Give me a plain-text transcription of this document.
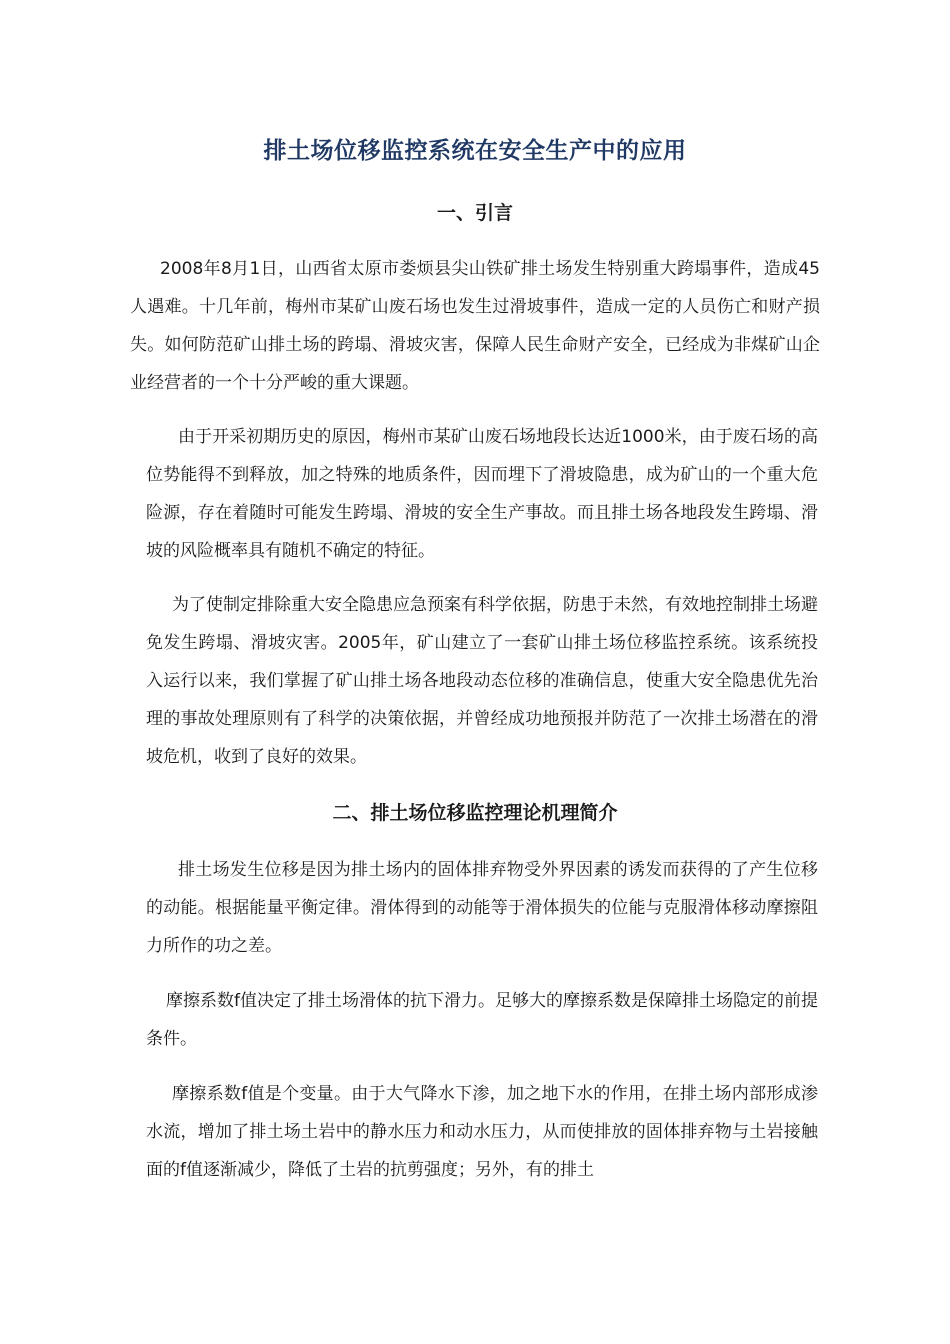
排土场位移监控系统在安全生产中的应用
一、引言

2008年8月1日，山西省太原市娄烦县尖山铁矿排土场发生特别重大跨塌事件，造成45人遇难。十几年前，梅州市某矿山废石场也发生过滑坡事件，造成一定的人员伤亡和财产损失。如何防范矿山排土场的跨塌、滑坡灾害，保障人民生命财产安全，已经成为非煤矿山企业经营者的一个十分严峻的重大课题。

由于开采初期历史的原因，梅州市某矿山废石场地段长达近1000米，由于废石场的高位势能得不到释放，加之特殊的地质条件，因而埋下了滑坡隐患，成为矿山的一个重大危险源，存在着随时可能发生跨塌、滑坡的安全生产事故。而且排土场各地段发生跨塌、滑坡的风险概率具有随机不确定的特征。

为了使制定排除重大安全隐患应急预案有科学依据，防患于未然，有效地控制排土场避免发生跨塌、滑坡灾害。2005年，矿山建立了一套矿山排土场位移监控系统。该系统投入运行以来，我们掌握了矿山排土场各地段动态位移的准确信息，使重大安全隐患优先治理的事故处理原则有了科学的决策依据，并曾经成功地预报并防范了一次排土场潜在的滑坡危机，收到了良好的效果。

二、排土场位移监控理论机理简介

排土场发生位移是因为排土场内的固体排弃物受外界因素的诱发而获得的了产生位移的动能。根据能量平衡定律。滑体得到的动能等于滑体损失的位能与克服滑体移动摩擦阻力所作的功之差。

摩擦系数f值决定了排土场滑体的抗下滑力。足够大的摩擦系数是保障排土场隐定的前提条件。

摩擦系数f值是个变量。由于大气降水下渗，加之地下水的作用，在排土场内部形成渗水流，增加了排土场土岩中的静水压力和动水压力，从而使排放的固体排弃物与土岩接触面的f值逐渐减少，降低了土岩的抗剪强度；另外，有的排土
